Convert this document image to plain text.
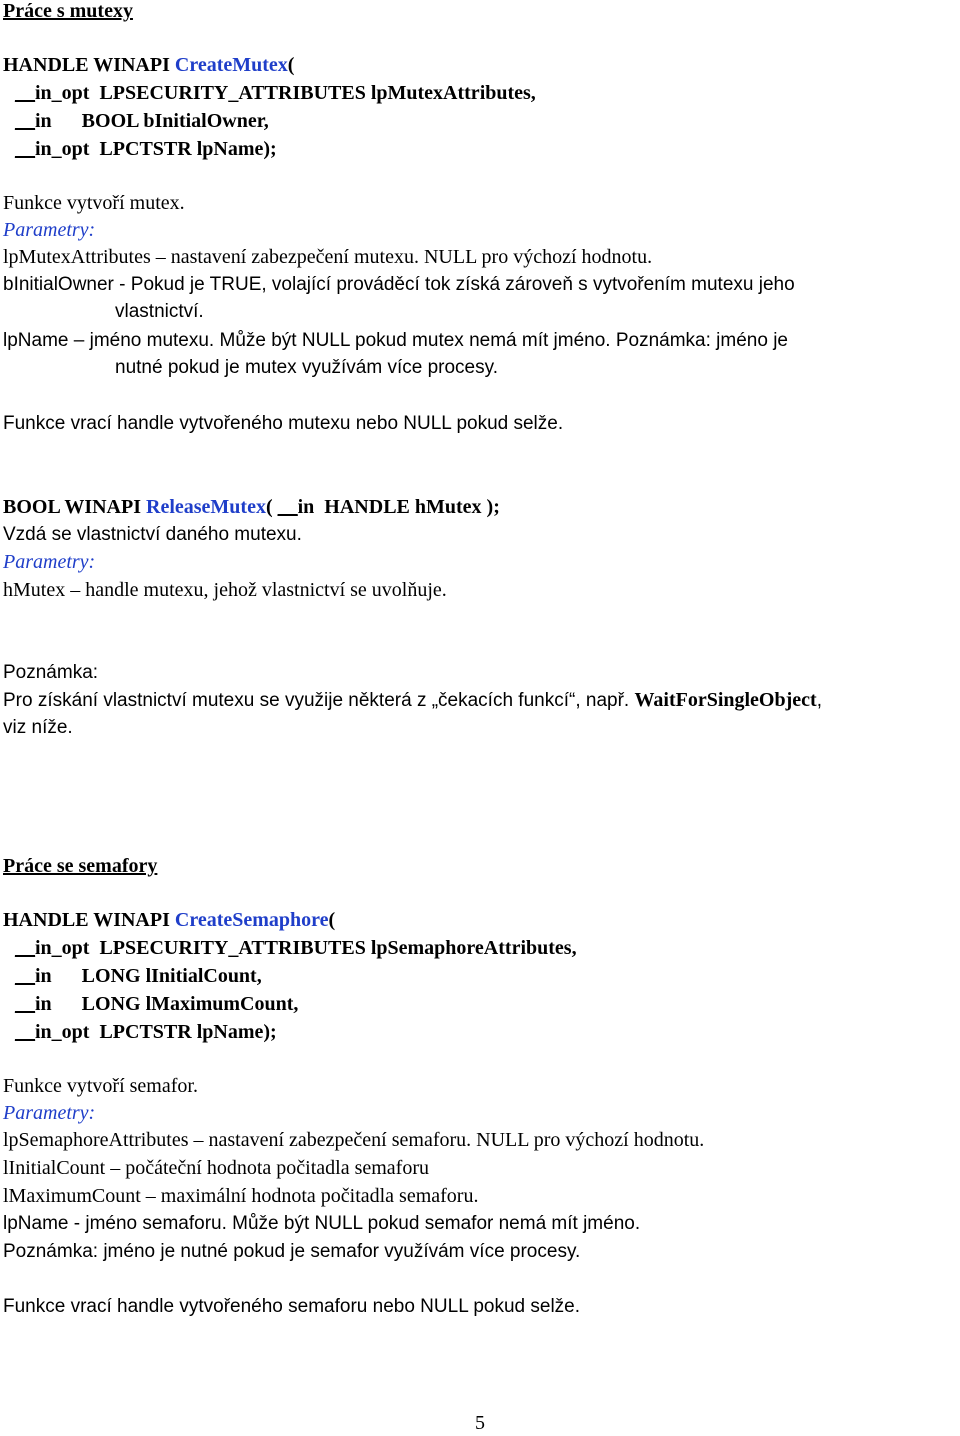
Práce s mutexy
HANDLE WINAPI CreateMutex(
__in_opt  LPSECURITY_ATTRIBUTES lpMutexAttributes,
__in      BOOL bInitialOwner,
__in_opt  LPCTSTR lpName);
Funkce vytvoří mutex.
Parametry:
lpMutexAttributes – nastavení zabezpečení mutexu. NULL pro výchozí hodnotu.
bInitialOwner - Pokud je TRUE, volající prováděcí tok získá zároveň s vytvořením mutexu jeho
vlastnictví.
lpName – jméno mutexu. Může být NULL pokud mutex nemá mít jméno. Poznámka: jméno je
nutné pokud je mutex využívám více procesy.
Funkce vrací handle vytvořeného mutexu nebo NULL pokud selže.
BOOL WINAPI ReleaseMutex( __in  HANDLE hMutex );
Vzdá se vlastnictví daného mutexu.
Parametry:
hMutex – handle mutexu, jehož vlastnictví se uvolňuje.
Poznámka:
Pro získání vlastnictví mutexu se využije některá z „čekacích funkcí“, např. WaitForSingleObject,
viz níže.
Práce se semafory
HANDLE WINAPI CreateSemaphore(
__in_opt  LPSECURITY_ATTRIBUTES lpSemaphoreAttributes,
__in      LONG lInitialCount,
__in      LONG lMaximumCount,
__in_opt  LPCTSTR lpName);
Funkce vytvoří semafor.
Parametry:
lpSemaphoreAttributes – nastavení zabezpečení semaforu. NULL pro výchozí hodnotu.
lInitialCount – počáteční hodnota počitadla semaforu
lMaximumCount – maximální hodnota počitadla semaforu.
lpName - jméno semaforu. Může být NULL pokud semafor nemá mít jméno.
Poznámka: jméno je nutné pokud je semafor využívám více procesy.
Funkce vrací handle vytvořeného semaforu nebo NULL pokud selže.
5
